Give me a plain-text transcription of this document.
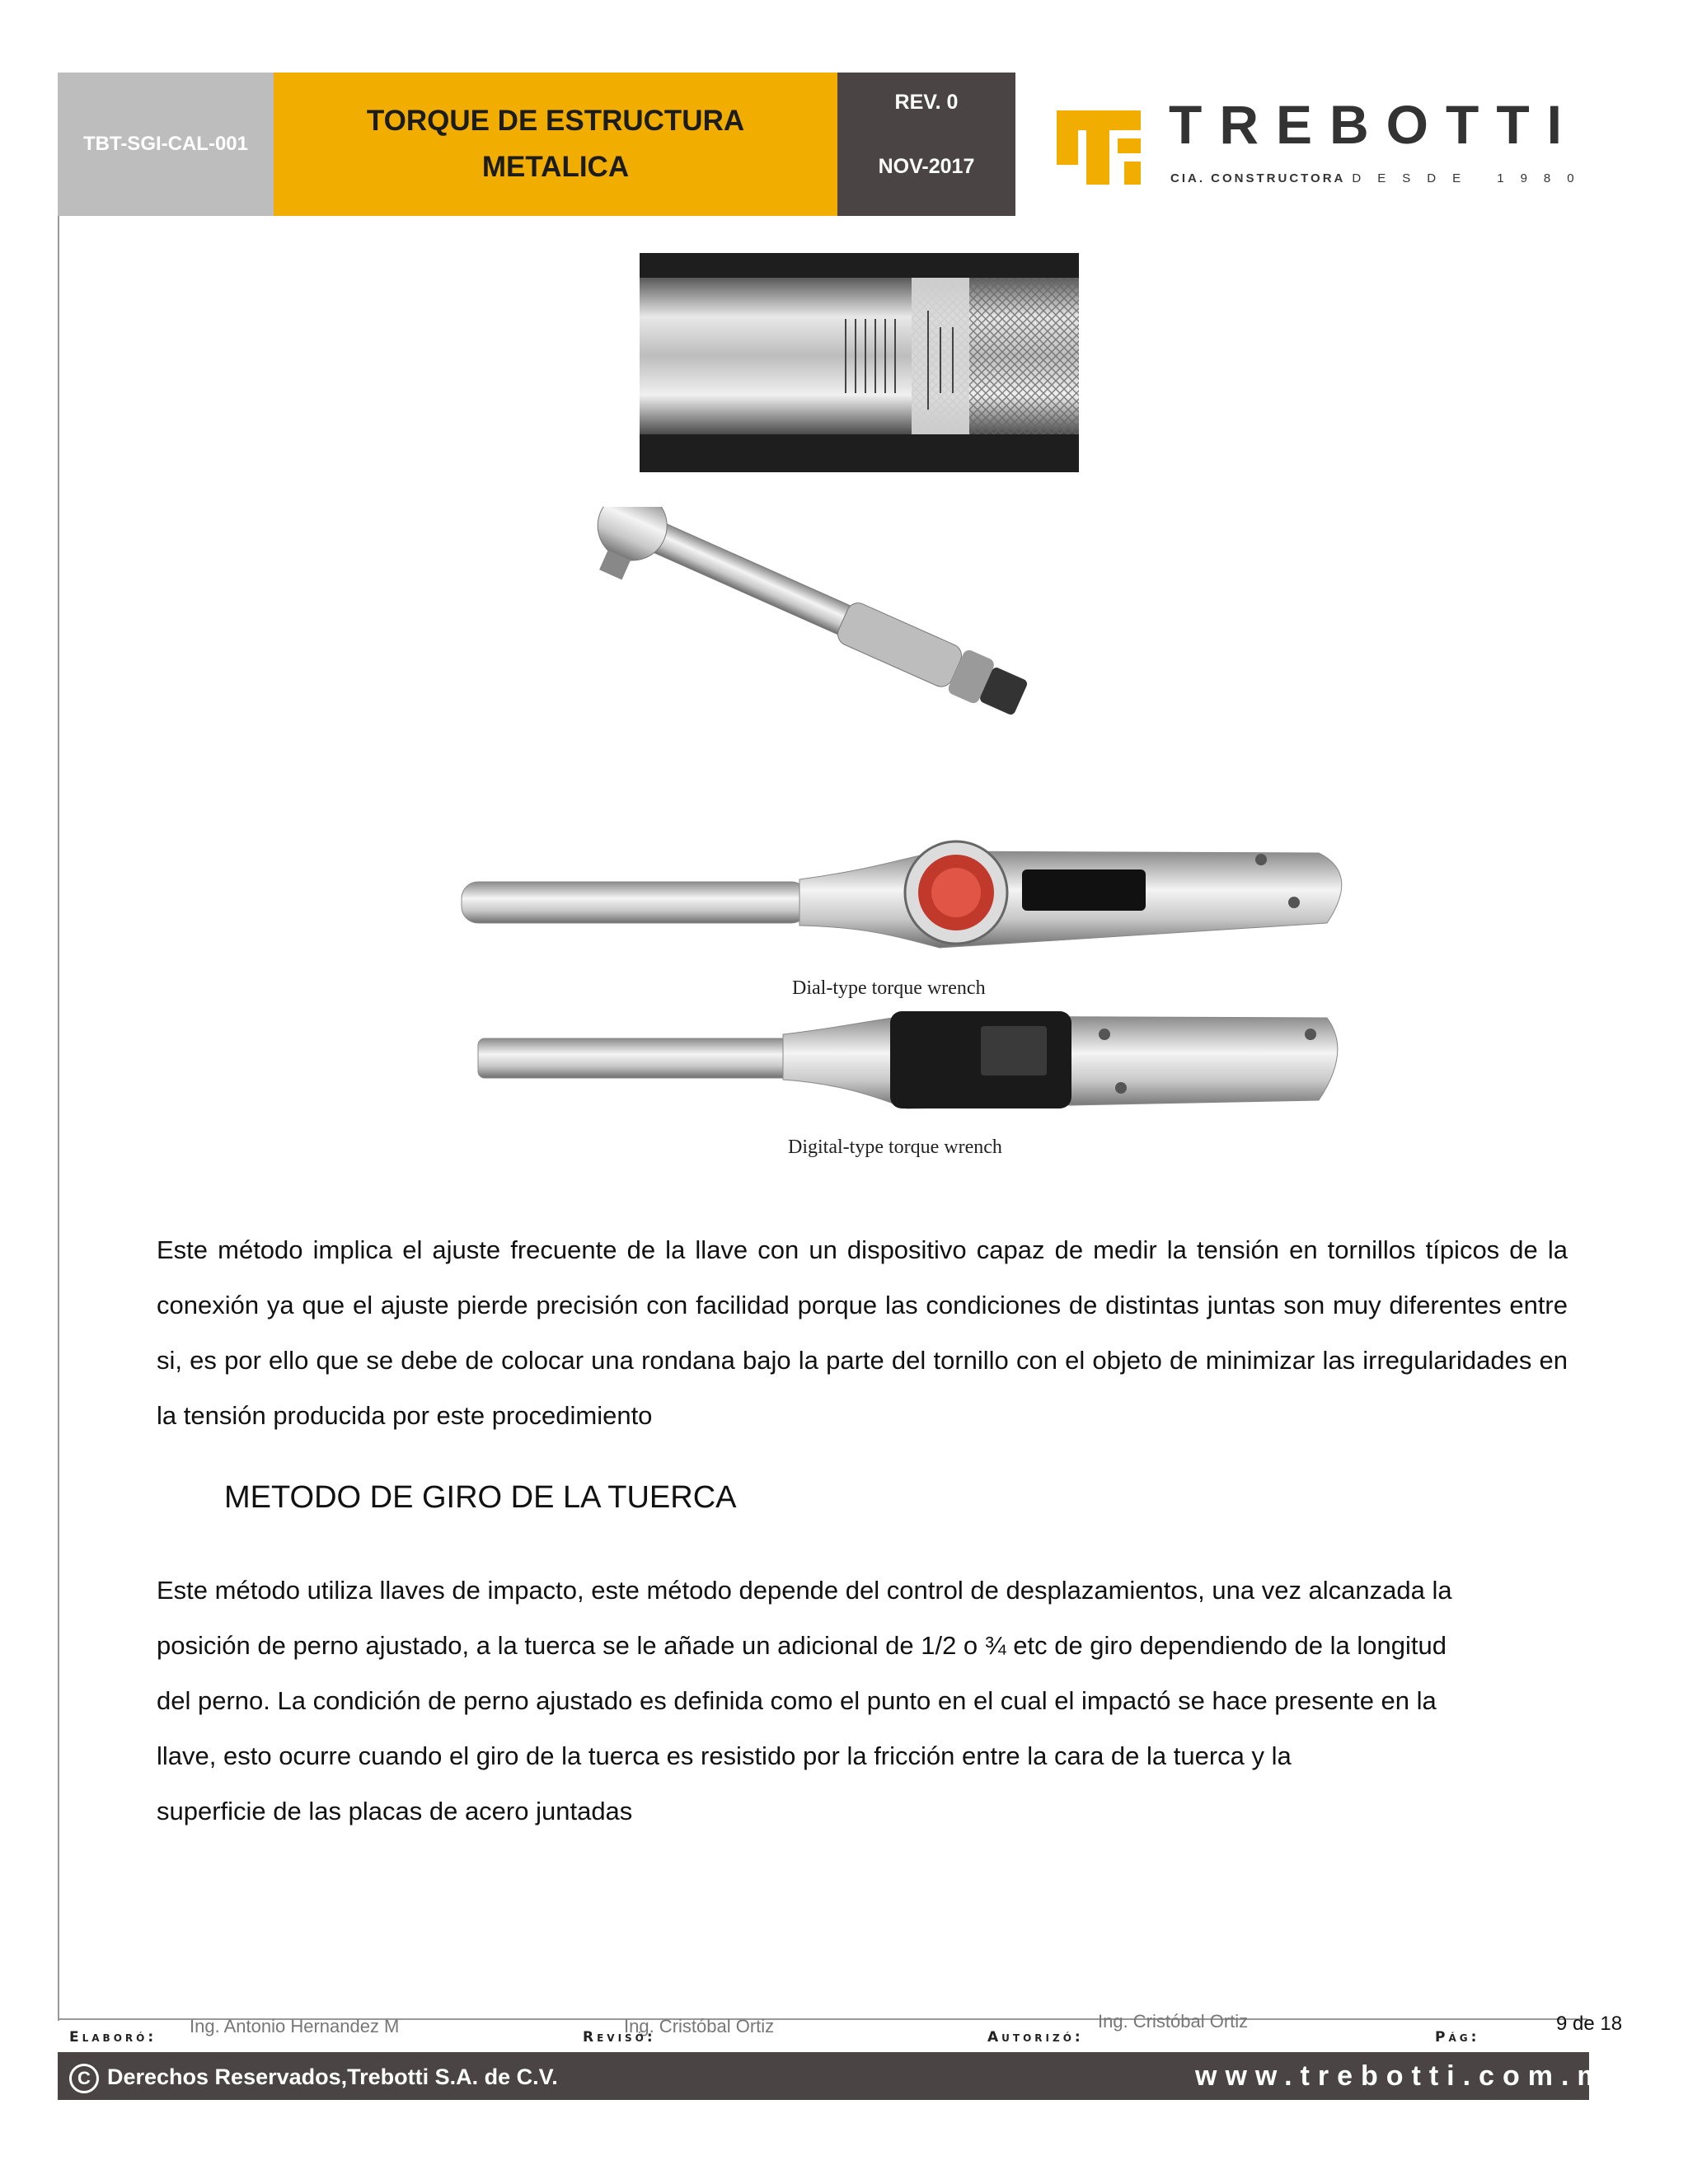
TBT-SGI-CAL-001
TORQUE DE ESTRUCTURA
METALICA
REV. 0
NOV-2017
TREBOTTI
CIA. CONSTRUCTORA DESDE 1980
Dial-type torque wrench
Digital-type torque wrench
Este método implica el ajuste frecuente de la llave con un dispositivo capaz de medir la tensión en tornillos típicos de la conexión ya que el ajuste pierde precisión con facilidad porque las condiciones de distintas juntas son muy diferentes entre si, es por ello que se debe de colocar una rondana bajo la parte del tornillo con el objeto de minimizar las irregularidades en la tensión producida por este procedimiento
METODO DE GIRO DE LA TUERCA
Este método utiliza llaves de impacto, este método depende del control de desplazamientos, una vez alcanzada la
posición de perno ajustado, a la tuerca se le añade un adicional de 1/2 o ¾ etc de giro dependiendo de la longitud
del perno. La condición de perno ajustado es definida como el punto en el cual el impactó se hace presente en la
llave, esto ocurre cuando el giro de la tuerca es resistido por la fricción entre la cara de la tuerca y la
superficie de las placas de acero juntadas
Ing. Antonio Hernandez M	Ing. Cristóbal Ortiz	Ing. Cristóbal Ortiz	9 de 18
Elaboró:	Revisó:	Autorizó:	Pág:
C Derechos Reservados,Trebotti S.A. de C.V.	www.trebotti.com.mx
